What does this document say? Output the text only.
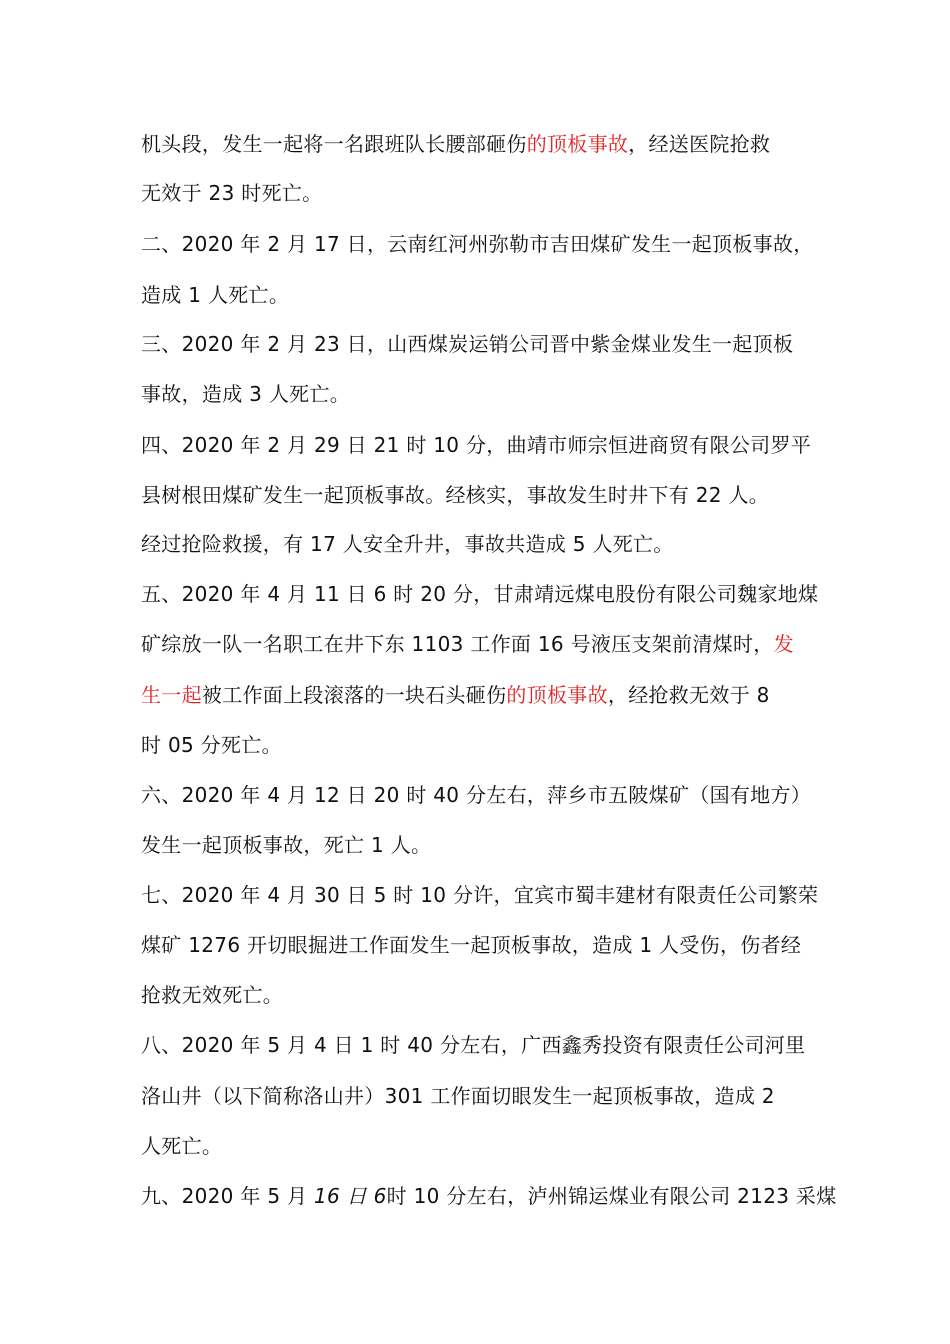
机头段，发生一起将一名跟班队长腰部砸伤的顶板事故，经送医院抢救
无效于 23 时死亡。
二、2020 年 2 月 17 日，云南红河州弥勒市吉田煤矿发生一起顶板事故，
造成 1 人死亡。
三、2020 年 2 月 23 日，山西煤炭运销公司晋中紫金煤业发生一起顶板
事故，造成 3 人死亡。
四、2020 年 2 月 29 日 21 时 10 分，曲靖市师宗恒进商贸有限公司罗平
县树根田煤矿发生一起顶板事故。经核实，事故发生时井下有 22 人。
经过抢险救援，有 17 人安全升井，事故共造成 5 人死亡。
五、2020 年 4 月 11 日 6 时 20 分，甘肃靖远煤电股份有限公司魏家地煤
矿综放一队一名职工在井下东 1103 工作面 16 号液压支架前清煤时，发
生一起被工作面上段滚落的一块石头砸伤的顶板事故，经抢救无效于 8
时 05 分死亡。
六、2020 年 4 月 12 日 20 时 40 分左右，萍乡市五陂煤矿（国有地方）
发生一起顶板事故，死亡 1 人。
七、2020 年 4 月 30 日 5 时 10 分许，宜宾市蜀丰建材有限责任公司繁荣
煤矿 1276 开切眼掘进工作面发生一起顶板事故，造成 1 人受伤，伤者经
抢救无效死亡。
八、2020 年 5 月 4 日 1 时 40 分左右，广西鑫秀投资有限责任公司河里
洛山井（以下简称洛山井）301 工作面切眼发生一起顶板事故，造成 2
人死亡。
九、2020 年 5 月 16 日 6时 10 分左右，泸州锦运煤业有限公司 2123 采煤
